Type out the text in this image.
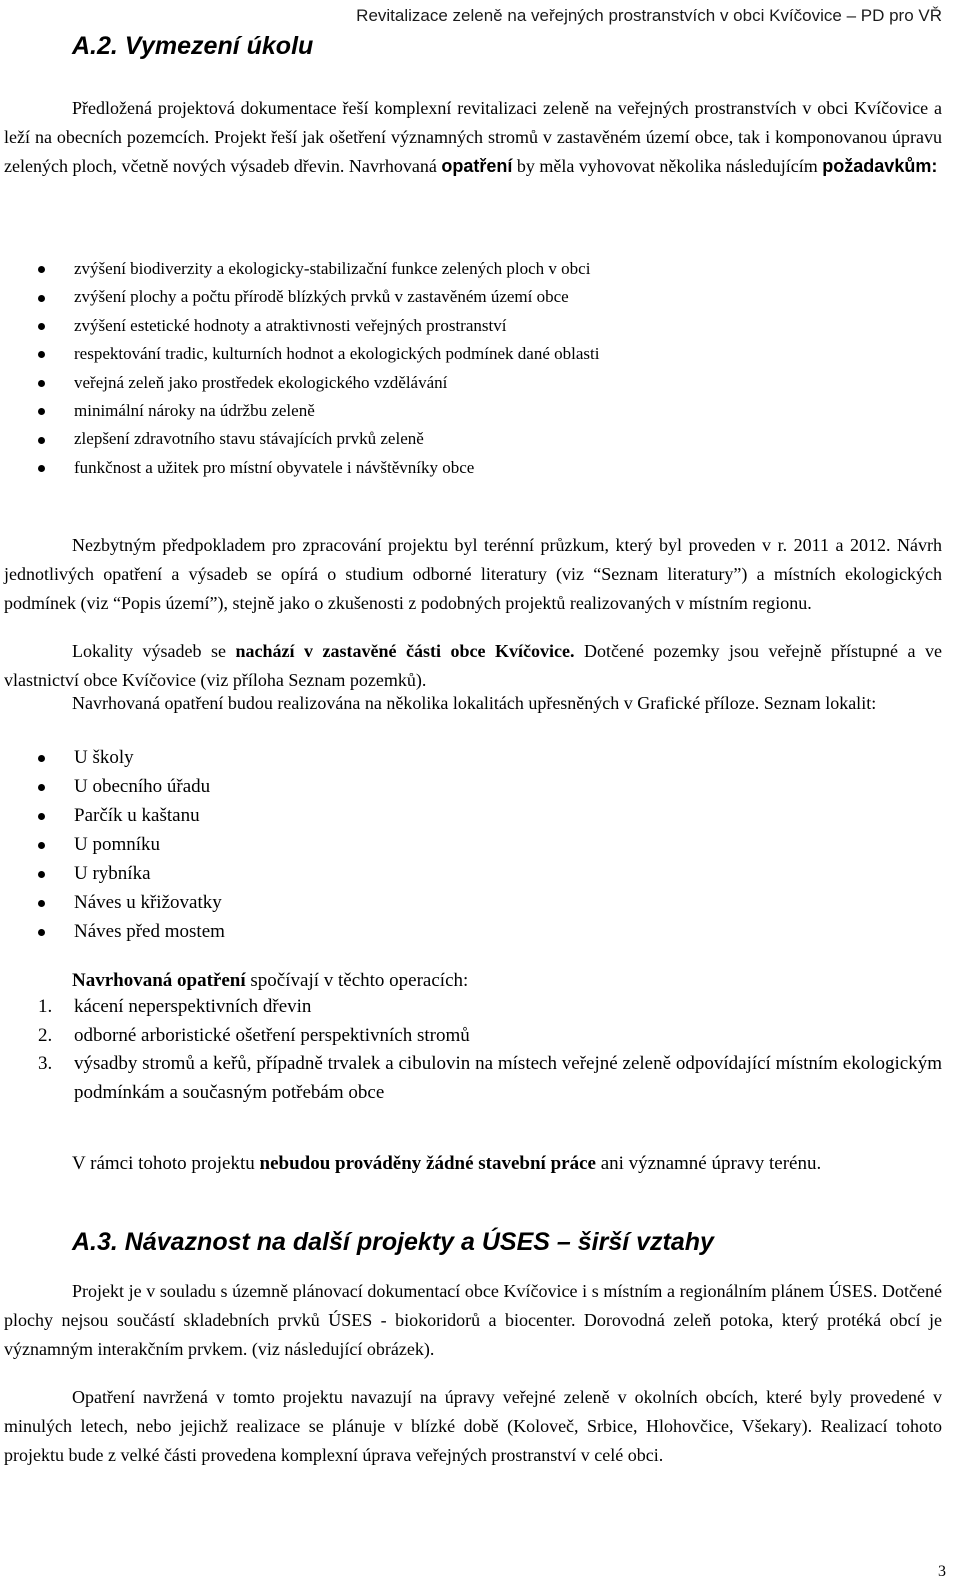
Revitalizace zeleně na veřejných prostranstvích v obci Kvíčovice – PD pro VŘ
A.2. Vymezení úkolu

Předložená projektová dokumentace řeší komplexní revitalizaci zeleně na veřejných prostranstvích v obci Kvíčovice a leží na obecních pozemcích. Projekt řeší jak ošetření významných stromů v zastavěném území obce, tak i komponovanou úpravu zelených ploch, včetně nových výsadeb dřevin. Navrhovaná opatření by měla vyhovovat několika následujícím požadavkům:

zvýšení biodiverzity a ekologicky-stabilizační funkce zelených ploch v obci
zvýšení plochy a počtu přírodě blízkých prvků v zastavěném území obce
zvýšení estetické hodnoty a atraktivnosti veřejných prostranství
respektování tradic, kulturních hodnot a ekologických podmínek dané oblasti
veřejná zeleň jako prostředek ekologického vzdělávání
minimální nároky na údržbu zeleně
zlepšení zdravotního stavu stávajících prvků zeleně
funkčnost a užitek pro místní obyvatele i návštěvníky obce

Nezbytným předpokladem pro zpracování projektu byl terénní průzkum, který byl proveden v r. 2011 a 2012. Návrh jednotlivých opatření a výsadeb se opírá o studium odborné literatury (viz “Seznam literatury”) a místních ekologických podmínek (viz “Popis území”), stejně jako o zkušenosti z podobných projektů realizovaných v místním regionu.

Lokality výsadeb se nachází v zastavěné části obce Kvíčovice. Dotčené pozemky jsou veřejně přístupné a ve vlastnictví obce Kvíčovice (viz příloha Seznam pozemků).

Navrhovaná opatření budou realizována na několika lokalitách upřesněných v Grafické příloze. Seznam lokalit:

U školy
U obecního úřadu
Parčík u kaštanu
U pomníku
U rybníka
Náves u křižovatky
Náves před mostem

Navrhovaná opatření spočívají v těchto operacích:

1. kácení neperspektivních dřevin
2. odborné arboristické ošetření perspektivních stromů
3. výsadby stromů a keřů, případně trvalek a cibulovin na místech veřejné zeleně odpovídající místním ekologickým podmínkám a současným potřebám obce

V rámci tohoto projektu nebudou prováděny žádné stavební práce ani významné úpravy terénu.

A.3. Návaznost na další projekty a ÚSES – širší vztahy

Projekt je v souladu s územně plánovací dokumentací obce Kvíčovice i s místním a regionálním plánem ÚSES. Dotčené plochy nejsou součástí skladebních prvků ÚSES - biokoridorů a biocenter. Dorovodná zeleň potoka, který protéká obcí je významným interakčním prvkem. (viz následující obrázek).

Opatření navržená v tomto projektu navazují na úpravy veřejné zeleně v okolních obcích, které byly provedené v minulých letech, nebo jejichž realizace se plánuje v blízké době (Koloveč, Srbice, Hlohovčice, Všekary). Realizací tohoto projektu bude z velké části provedena komplexní úprava veřejných prostranství v celé obci.

3
